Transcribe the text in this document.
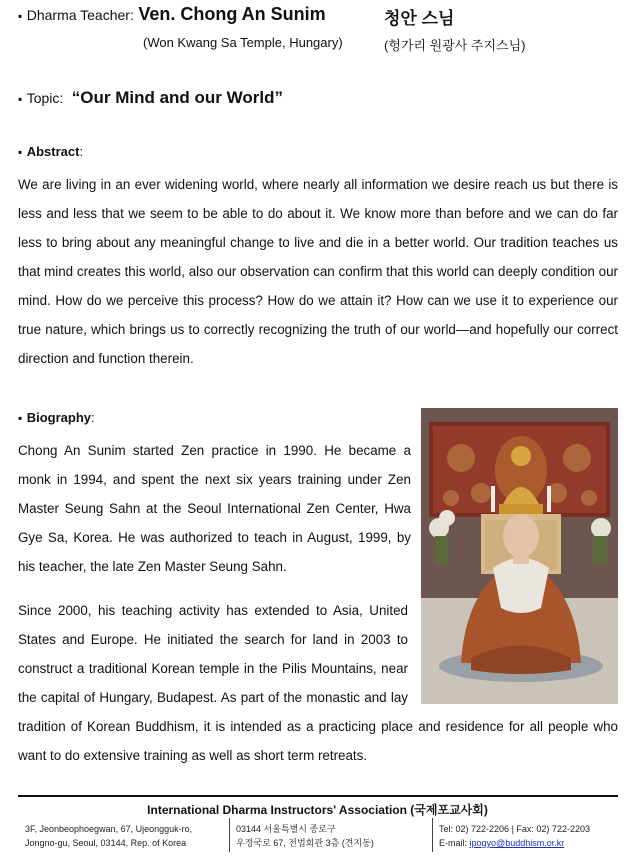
▪ Dharma Teacher: Ven. Chong An Sunim	청안 스님
(Won Kwang Sa Temple, Hungary)	(헝가리 원광사 주지스님)
▪ Topic: “Our Mind and our World”
▪ Abstract:

We are living in an ever widening world, where nearly all information we desire reach us but there is less and less that we seem to be able to do about it. We know more than before and we can do far less to bring about any meaningful change to live and die in a better world. Our tradition teaches us that mind creates this world, also our observation can confirm that this world can deeply condition our mind. How do we perceive this process? How do we attain it? How can we use it to experience our true nature, which brings us to correctly recognizing the truth of our world—and hopefully our correct direction and function therein.

▪ Biography:

Chong An Sunim started Zen practice in 1990. He became a monk in 1994, and spent the next six years training under Zen Master Seung Sahn at the Seoul International Zen Center, Hwa Gye Sa, Korea. He was authorized to teach in August, 1999, by his teacher, the late Zen Master Seung Sahn.

Since 2000, his teaching activity has extended to Asia, United States and Europe. He initiated the search for land in 2003 to construct a traditional Korean temple in the Pilis Mountains, near the capital of Hungary, Budapest. As part of the monastic and lay tradition of Korean Buddhism, it is intended as a practicing place and residence for all people who want to do extensive training as well as short term retreats.

International Dharma Instructors' Association (국제포교사회)
3F, Jeonbeophoegwan, 67, Ujeongguk-ro,
Jongno-gu, Seoul, 03144, Rep. of Korea
03144 서울특별시 종로구
우정국로 67, 전법회관 3층 (견지동)
Tel: 02) 722-2206 | Fax: 02) 722-2203
E-mail: ipogyo@buddhism.or.kr
